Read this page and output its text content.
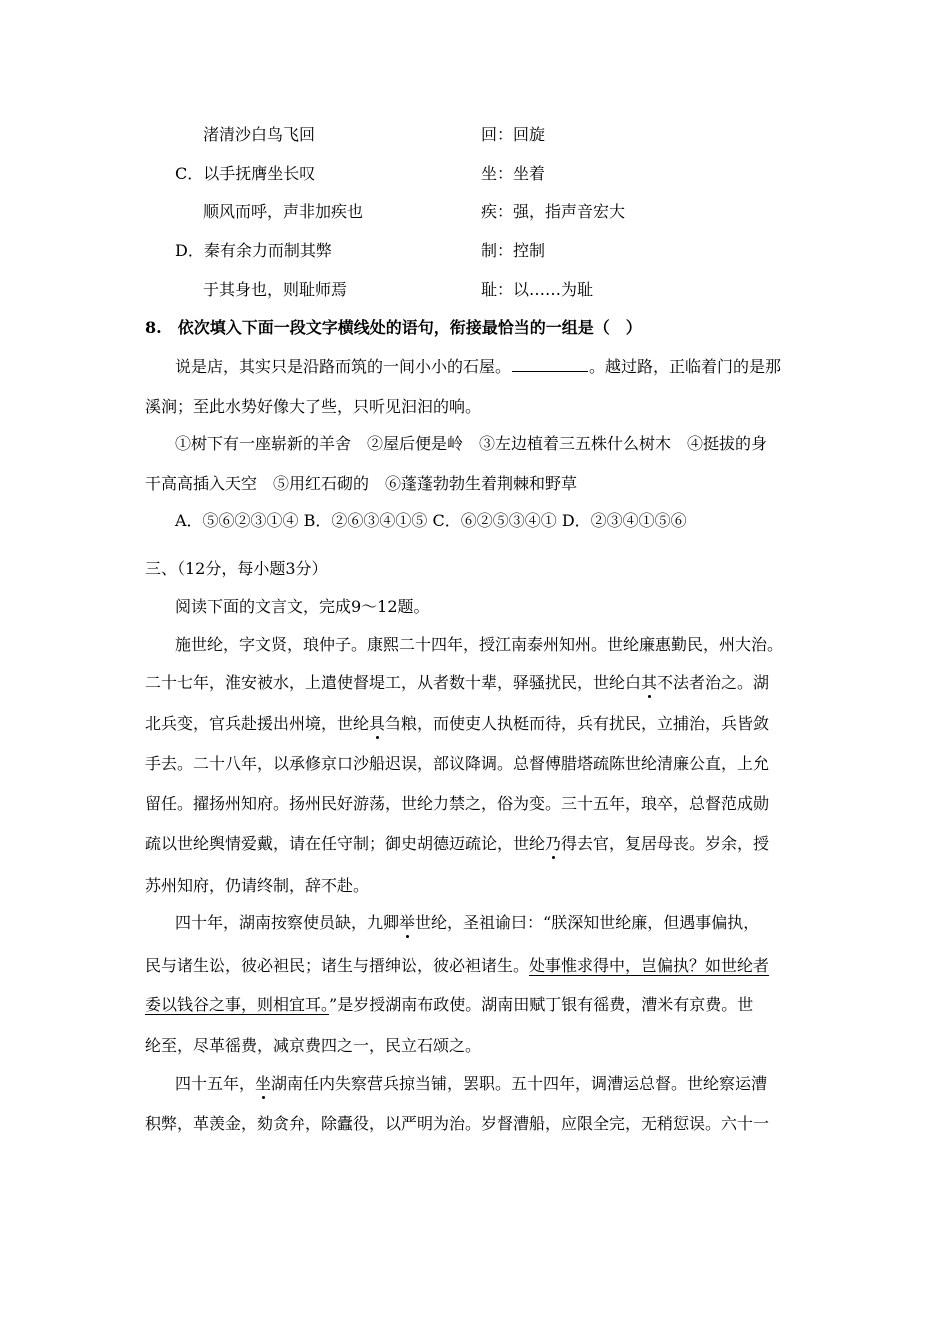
渚清沙白鸟飞回	回：回旋
C．以手抚膺坐长叹	坐：坐着
顺风而呼，声非加疾也	疾：强，指声音宏大
D．秦有余力而制其弊	制：控制
于其身也，则耻师焉	耻：以……为耻
8.　依次填入下面一段文字横线处的语句，衔接最恰当的一组是（　）
说是店，其实只是沿路而筑的一间小小的石屋。	。越过路，正临着门的是那
溪涧；至此水势好像大了些，只听见汩汩的响。
①树下有一座崭新的羊舍　②屋后便是岭　③左边植着三五株什么树木　④挺拔的身
干高高插入天空　⑤用红石砌的　⑥蓬蓬勃勃生着荆棘和野草
A．⑤⑥②③①④ B．②⑥③④①⑤ C．⑥②⑤③④① D．②③④①⑤⑥
三、（12分，每小题3分）
阅读下面的文言文，完成9～12题。
施世纶，字文贤，琅仲子。康熙二十四年，授江南泰州知州。世纶廉惠勤民，州大治。
二十七年，淮安被水，上遣使督堤工，从者数十辈，驿骚扰民，世纶白其不法者治之。湖
北兵变，官兵赴援出州境，世纶具刍粮，而使吏人执梃而待，兵有扰民，立捕治，兵皆敛
手去。二十八年，以承修京口沙船迟误，部议降调。总督傅腊塔疏陈世纶清廉公直，上允
留任。擢扬州知府。扬州民好游荡，世纶力禁之，俗为变。三十五年，琅卒，总督范成勋
疏以世纶舆情爱戴，请在任守制；御史胡德迈疏论，世纶乃得去官，复居母丧。岁余，授
苏州知府，仍请终制，辞不赴。
四十年，湖南按察使员缺，九卿举世纶，圣祖谕曰：“朕深知世纶廉，但遇事偏执，
民与诸生讼，彼必袒民；诸生与搢绅讼，彼必袒诸生。处事惟求得中，岂偏执？如世纶者
委以钱谷之事，则相宜耳。”是岁授湖南布政使。湖南田赋丁银有徭费，漕米有京费。世
纶至，尽革徭费，减京费四之一，民立石颂之。
四十五年，坐湖南任内失察营兵掠当铺，罢职。五十四年，调漕运总督。世纶察运漕
积弊，革羡金，劾贪弁，除蠹役，以严明为治。岁督漕船，应限全完，无稍愆误。六十一
